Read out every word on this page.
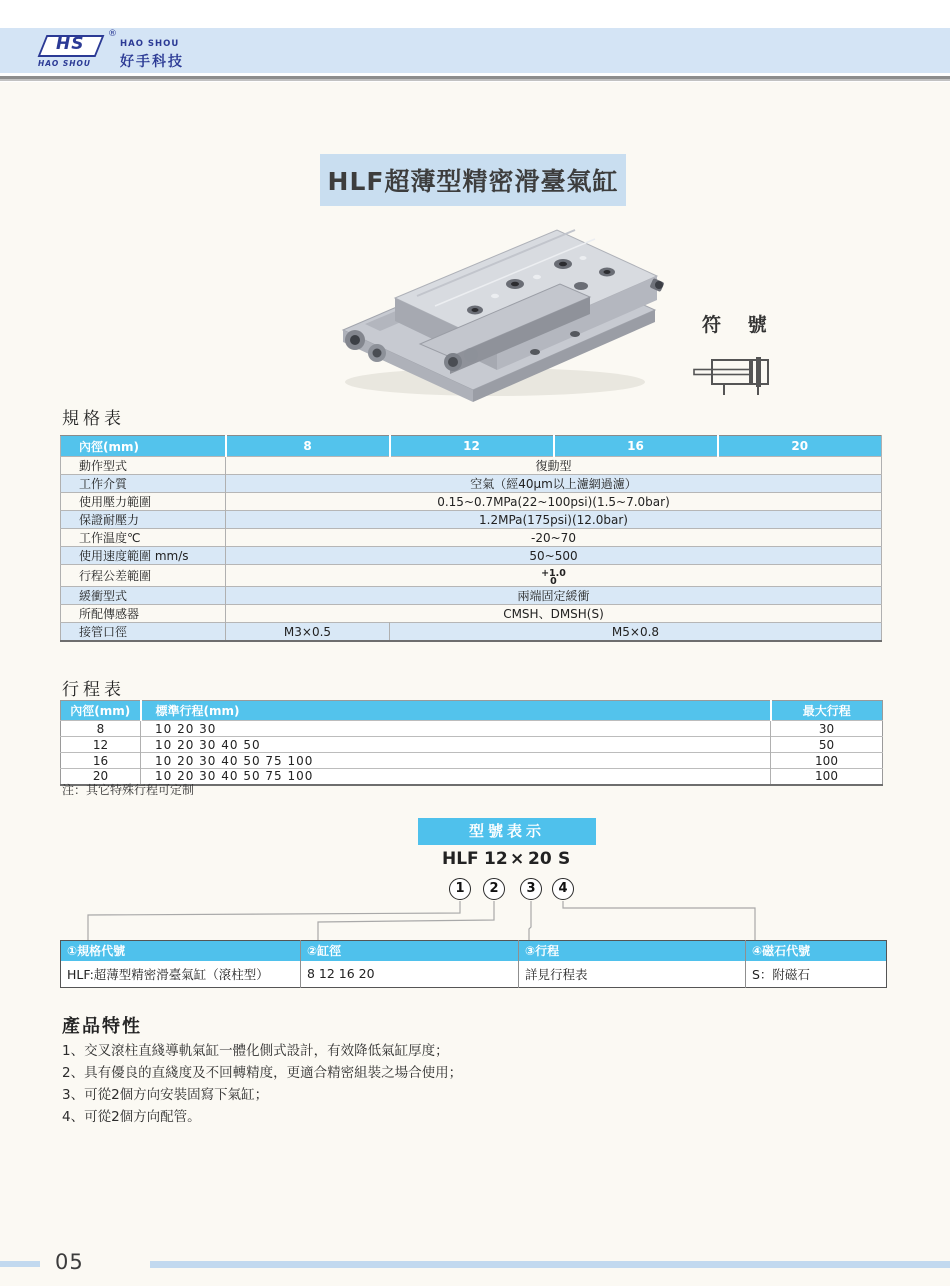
HS	®
HAO SHOU
HAO SHOU
好手科技
HLF超薄型精密滑臺氣缸
符 號
規格表
內徑(mm)	8	12	16	20
動作型式	復動型			
工作介質	空氣（經40μm以上濾網過濾）			
使用壓力範圍	0.15~0.7MPa(22~100psi)(1.5~7.0bar)			
保證耐壓力	1.2MPa(175psi)(12.0bar)			
工作温度℃	-20~70			
使用速度範圍 mm/s	50~500			
行程公差範圍	+1.0
0			

緩衝型式	兩端固定緩衝			
所配傳感器	CMSH、DMSH(S)			
接管口徑	M3×0.5	M5×0.8		
行程表
內徑(mm)	標準行程(mm)	最大行程
8	10 20 30	30
12	10 20 30 40 50	50
16	10 20 30 40 50 75 100	100
20	10 20 30 40 50 75 100	100
注：其它特殊行程可定制
型號表示
HLF 12 × 20 S
1	2	3	4
①規格代號	②缸徑	③行程	④磁石代號
HLF:超薄型精密滑臺氣缸（滾柱型）	8 12 16 20	詳見行程表	S：附磁石
產品特性
1、交叉滾柱直綫導軌氣缸一體化側式設計，有效降低氣缸厚度；
2、具有優良的直綫度及不回轉精度，更適合精密組裝之場合使用；
3、可從2個方向安裝固寫下氣缸；
4、可從2個方向配管。
05
